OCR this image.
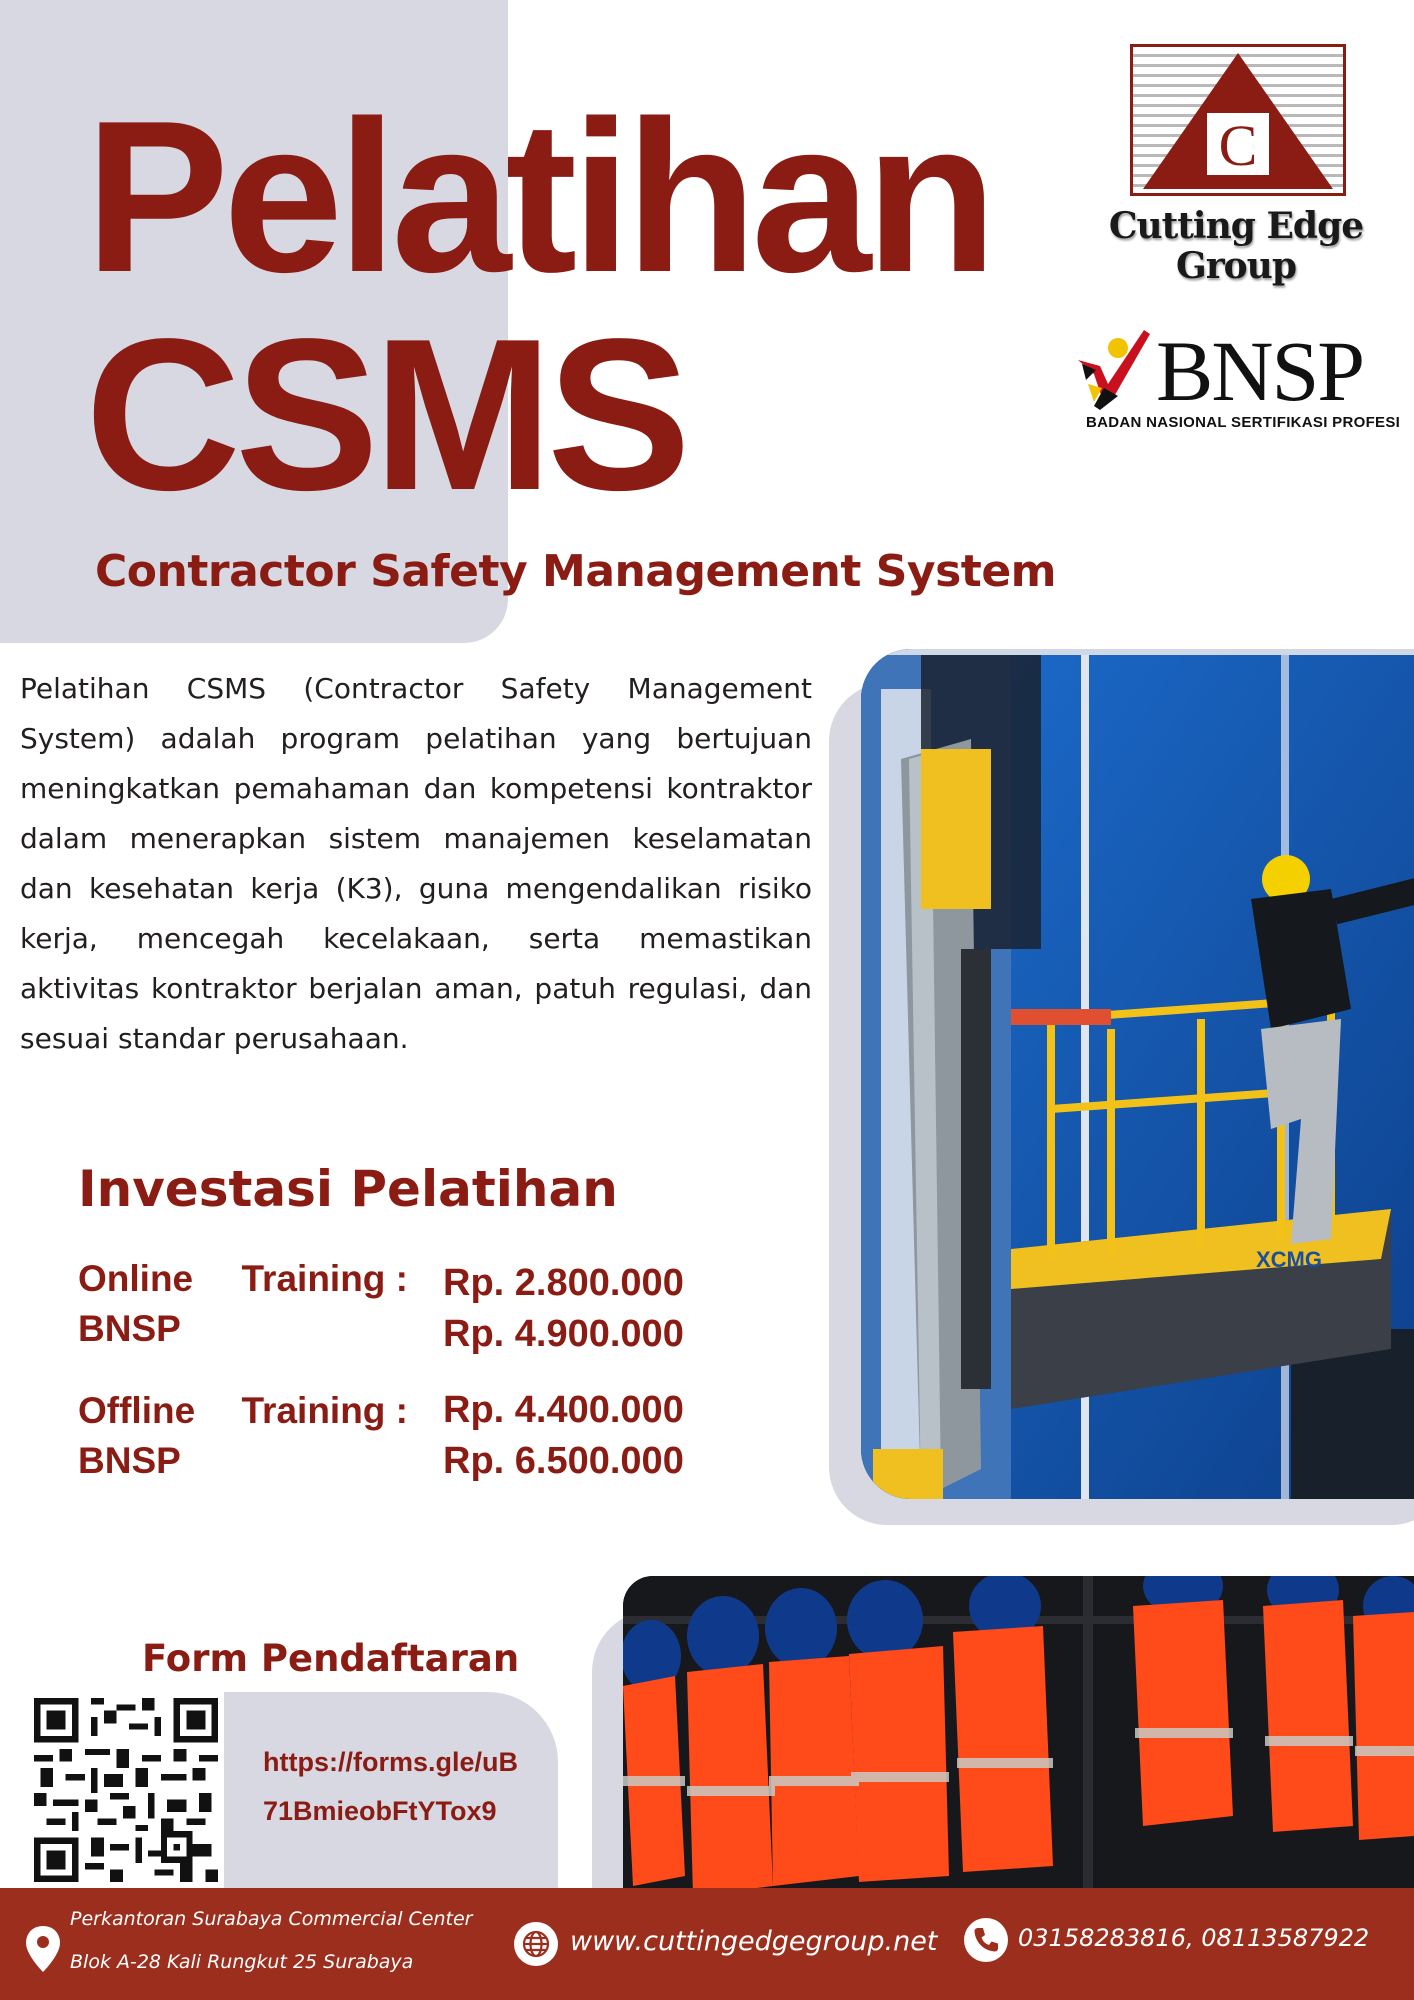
Pelatihan
CSMS
Contractor Safety Management System
C
Cutting Edge
Group
BNSP
BADAN NASIONAL SERTIFIKASI PROFESI

Pelatihan CSMS (Contractor Safety Management System) adalah program pelatihan yang bertujuan meningkatkan pemahaman dan kompetensi kontraktor dalam menerapkan sistem manajemen keselamatan dan kesehatan kerja (K3), guna mengendalikan risiko kerja, mencegah kecelakaan, serta memastikan aktivitas kontraktor berjalan aman, patuh regulasi, dan sesuai standar perusahaan.

Investasi Pelatihan
Online Training :
BNSP
Rp. 2.800.000
Rp. 4.900.000
Offline Training :
BNSP
Rp. 4.400.000
Rp. 6.500.000
XCMG
Form Pendaftaran
https://forms.gle/uB
71BmieobFtYTox9
Perkantoran Surabaya Commercial Center
Blok A-28 Kali Rungkut 25 Surabaya
www.cuttingedgegroup.net	03158283816, 08113587922
